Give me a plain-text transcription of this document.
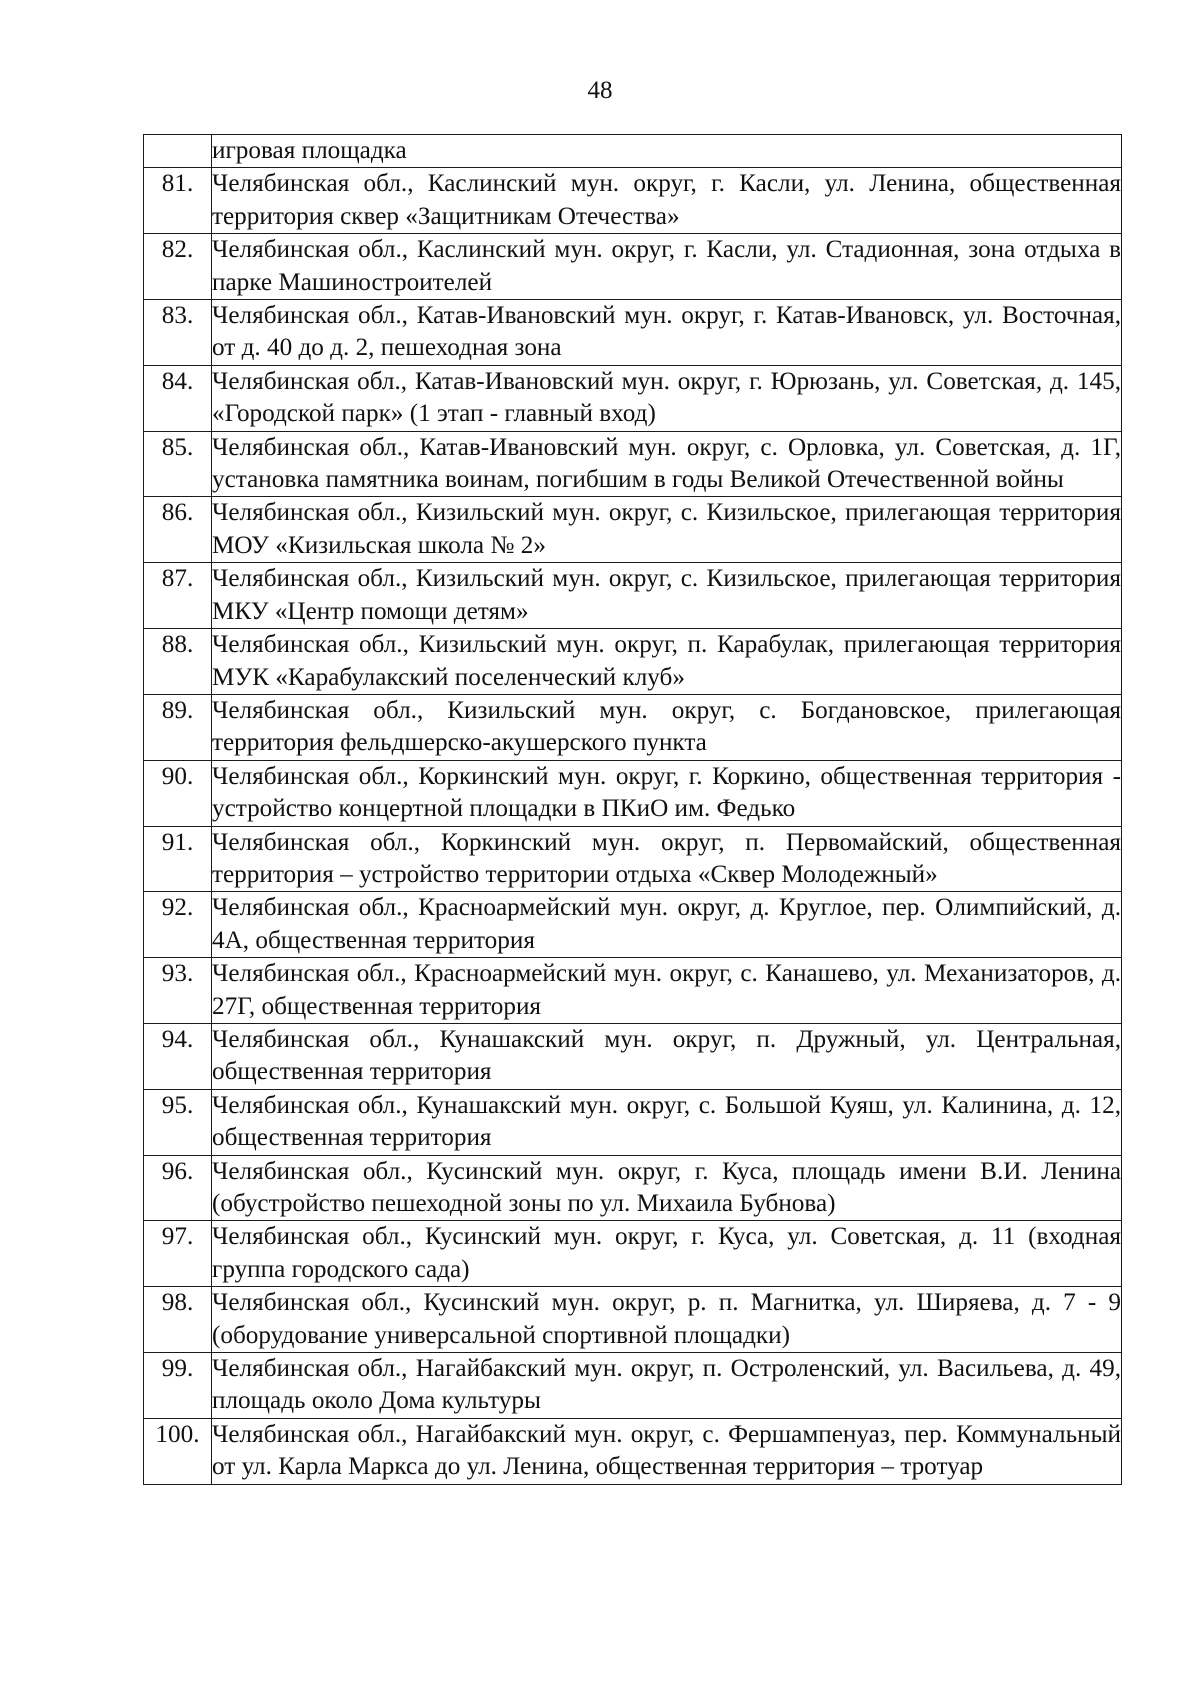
48
	игровая площадка
81.	Челябинская обл., Каслинский мун. округ, г. Касли, ул. Ленина, общественная территория сквер «Защитникам Отечества»
82.	Челябинская обл., Каслинский мун. округ, г. Касли, ул. Стадионная, зона отдыха в парке Машиностроителей
83.	Челябинская обл., Катав-Ивановский мун. округ, г. Катав-Ивановск, ул. Восточная, от д. 40 до д. 2, пешеходная зона
84.	Челябинская обл., Катав-Ивановский мун. округ, г. Юрюзань, ул. Советская, д. 145, «Городской парк» (1 этап - главный вход)
85.	Челябинская обл., Катав-Ивановский мун. округ, с. Орловка, ул. Советская, д. 1Г, установка памятника воинам, погибшим в годы Великой Отечественной войны
86.	Челябинская обл., Кизильский мун. округ, с. Кизильское, прилегающая территория МОУ «Кизильская школа № 2»
87.	Челябинская обл., Кизильский мун. округ, с. Кизильское, прилегающая территория МКУ «Центр помощи детям»
88.	Челябинская обл., Кизильский мун. округ, п. Карабулак, прилегающая территория МУК «Карабулакский поселенческий клуб»
89.	Челябинская обл., Кизильский мун. округ, с. Богдановское, прилегающая территория фельдшерско-акушерского пункта
90.	Челябинская обл., Коркинский мун. округ, г. Коркино, общественная территория - устройство концертной площадки в ПКиО им. Федько
91.	Челябинская обл., Коркинский мун. округ, п. Первомайский, общественная территория – устройство территории отдыха «Сквер Молодежный»
92.	Челябинская обл., Красноармейский мун. округ, д. Круглое, пер. Олимпийский, д. 4А, общественная территория
93.	Челябинская обл., Красноармейский мун. округ, с. Канашево, ул. Механизаторов, д. 27Г, общественная территория
94.	Челябинская обл., Кунашакский мун. округ, п. Дружный, ул. Центральная, общественная территория
95.	Челябинская обл., Кунашакский мун. округ, с. Большой Куяш, ул. Калинина, д. 12, общественная территория
96.	Челябинская обл., Кусинский мун. округ, г. Куса, площадь имени В.И. Ленина (обустройство пешеходной зоны по ул. Михаила Бубнова)
97.	Челябинская обл., Кусинский мун. округ, г. Куса, ул. Советская, д. 11 (входная группа городского сада)
98.	Челябинская обл., Кусинский мун. округ, р. п. Магнитка, ул. Ширяева, д. 7 - 9 (оборудование универсальной спортивной площадки)
99.	Челябинская обл., Нагайбакский мун. округ, п. Остроленский, ул. Васильева, д. 49, площадь около Дома культуры
100.	Челябинская обл., Нагайбакский мун. округ, с. Фершампенуаз, пер. Коммунальный от ул. Карла Маркса до ул. Ленина, общественная территория – тротуар
